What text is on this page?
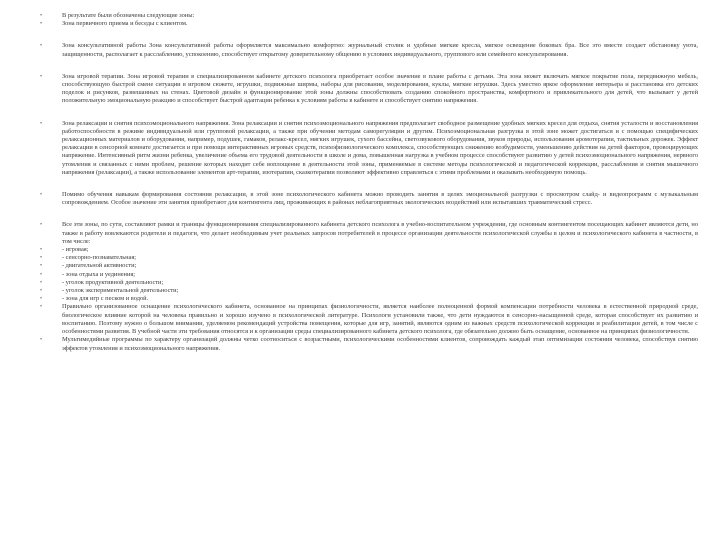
•	В результате были обозначены следующие зоны:
•	Зона первичного приема и беседы с клиентом.
•	Зона консультативной работы Зона консультативной работы оформляется максимально комфортно: журнальный столик и удобные мягкие кресла, мягкое освещение боковых бра. Все это вместе создает обстановку уюта, защищенности, располагает к расслаблению, успокоению, способствует открытому доверительному общению в условиях индивидуального, группового или семейного консультирования.
•	Зона игровой терапии. Зона игровой терапии в специализированном кабинете детского психолога приобретает особое значение в плане работы с детьми. Эта зона может включать мягкое покрытие пола, передвижную мебель, способствующую быстрой смене ситуации в игровом сюжете, игрушки, подвижные ширмы, наборы для рисования, моделирования, куклы, мягкие игрушки. Здесь уместно яркое оформление интерьера и расстановка его детских поделок и рисунков, развешанных на стенах. Цветовой дизайн и функционирование этой зоны должны способствовать созданию спокойного пространства, комфортного и привлекательного для детей, что вызывает у детей положительную эмоциональную реакцию и способствует быстрой адаптации ребенка к условиям работы в кабинете и способствует снятию напряжения.
•	Зона релаксации и снятия психоэмоционального напряжения. Зона релаксации и снятия психоэмоционального напряжения предполагает свободное размещение удобных мягких кресел для отдыха, снятия усталости и восстановления работоспособности в режиме индивидуальной или групповой релаксации, а также при обучении методам саморегуляции и другим. Психоэмоциональная разгрузка в этой зоне может достигаться и с помощью специфических релаксационных материалов и оборудования, например, подушек, гамаков, релакс-кресел, мягких игрушек, сухого бассейна, светозвукового оборудования, звуков природы, использования аромотерапии, тактильных дорожек. Эффект релаксации в сенсорной комнате достигается и при помощи интерактивных игровых средств, психофизиологического комплекса, способствующих снижению возбудимости, уменьшению действия на детей факторов, провоцирующих напряжение. Интенсивный ритм жизни ребенка, увеличение объема его трудовой деятельности в школе и дома, повышенная нагрузка в учебном процессе способствуют развитию у детей психоэмоционального напряжения, нервного утомления и связанных с ними проблем, решение которых находит себе воплощение в деятельности этой зоны, применяемые в системе методы психологической и педагогической коррекции, расслабления и снятия мышечного напряжения (релаксации), а также использование элементов арт-терапии, изотерапии, сказкотерапии позволяют эффективно справляться с этими проблемами и оказывать необходимую помощь.
•	Помимо обучения навыкам формирования состояния релаксации, в этой зоне психологического кабинета можно проводить занятия в целях эмоциональной разгрузки с просмотром слайд- и видеопрограмм с музыкальным сопровождением. Особое значение эти занятия приобретают для контингента лиц, проживающих в районах неблагоприятных экологических воздействий или испытавших травматический стресс.
•	Все эти зоны, по сути, составляют рамки и границы функционирования специализированного кабинета детского психолога в учебно-воспитательном учреждении, где основным контингентом посещающих кабинет являются дети, но также в работу вовлекаются родители и педагоги, что делает необходимым учет реальных запросов потребителей в процессе организации деятельности психологической службы в целом и психологического кабинета в частности, в том числе:
•	- игровая;
•	- сенсорно-познавательная;
•	- двигательной активности;
•	- зона отдыха и уединения;
•	- уголок продуктивной деятельности;
•	- уголок экспериментальной деятельности;
•	- зона для игр с песком и водой.
•	Правильно организованное оснащение психологического кабинета, основанное на принципах физиологичности, является наиболее полноценной формой компенсации потребности человека в естественной природной среде, биологическое влияние которой на человека правильно и хорошо изучено в психологической литературе. Психологи установили также, что дети нуждаются в сенсорно-насыщенной среде, которая способствует их развитию и воспитанию. Поэтому нужно о большом внимании, уделяемом рекомендаций устройства помещения, которые для игр, занятий, являются одним из важных средств психологической коррекции и реабилитации детей, в том числе с особенностями развития. В учебной части эти требования относятся и к организации среды специализированного кабинета детского психолога, где обязательно должно быть оснащение, основанное на принципах физиологичности.
•	Мультимедийные программы по характеру организаций должны четко соотноситься с возрастными, психологическими особенностями клиентов, сопровождать каждый этап оптимизации состояния человека, способствуя снятию эффектов утомления и психоэмоционального напряжения.
